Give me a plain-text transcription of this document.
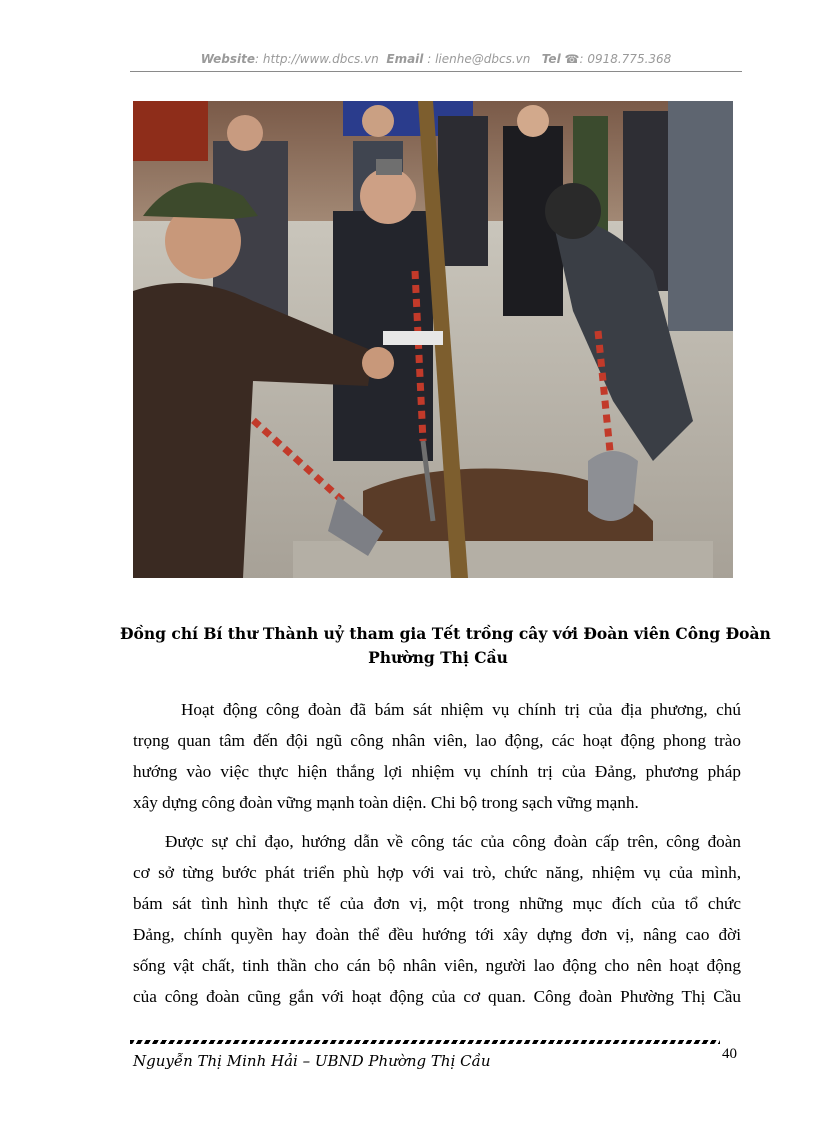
Website: http://www.dbcs.vn Email : lienhe@dbcs.vn Tel ☎: 0918.775.368
Đồng chí Bí thư Thành uỷ tham gia Tết trồng cây với Đoàn viên Công Đoàn
Phường Thị Cầu
Hoạt động công đoàn đã bám sát nhiệm vụ chính trị của địa phương, chú
trọng quan tâm đến đội ngũ công nhân viên, lao động, các hoạt động phong trào
hướng vào việc thực hiện thắng lợi nhiệm vụ chính trị của Đảng, phương pháp
xây dựng công đoàn vững mạnh toàn diện. Chi bộ trong sạch vững mạnh.
Được sự chỉ đạo, hướng dẫn về công tác của công đoàn cấp trên, công đoàn
cơ sở từng bước phát triển phù hợp với vai trò, chức năng, nhiệm vụ của mình,
bám sát tình hình thực tế của đơn vị, một trong những mục đích của tổ chức
Đảng, chính quyền hay đoàn thể đều hướng tới xây dựng đơn vị, nâng cao đời
sống vật chất, tinh thần cho cán bộ nhân viên, người lao động cho nên hoạt động
của công đoàn cũng gắn với hoạt động của cơ quan. Công đoàn Phường Thị Cầu
Nguyễn Thị Minh Hải – UBND Phường Thị Cầu	40
